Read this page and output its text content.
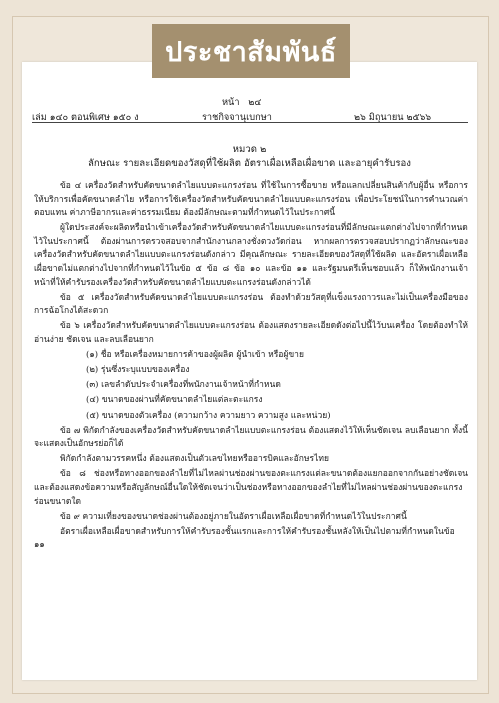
ประชาสัมพันธ์
หน้า ๒๔
เล่ม ๑๔๐ ตอนพิเศษ ๑๕๐ ง	ราชกิจจานุเบกษา	๒๖ มิถุนายน ๒๕๖๖
หมวด ๒
ลักษณะ รายละเอียดของวัสดุที่ใช้ผลิต อัตราเผื่อเหลือเผื่อขาด และอายุคำรับรอง

ข้อ ๔ เครื่องวัดสำหรับคัดขนาดลำไยแบบตะแกรงร่อน ที่ใช้ในการซื้อขาย หรือแลกเปลี่ยนสินค้ากับผู้อื่น หรือการให้บริการเพื่อคัดขนาดลำไย หรือการใช้เครื่องวัดสำหรับคัดขนาดลำไยแบบตะแกรงร่อน เพื่อประโยชน์ในการคำนวณค่าตอบแทน ค่าภาษีอากรและค่าธรรมเนียม ต้องมีลักษณะตามที่กำหนดไว้ในประกาศนี้

ผู้ใดประสงค์จะผลิตหรือนำเข้าเครื่องวัดสำหรับคัดขนาดลำไยแบบตะแกรงร่อนที่มีลักษณะแตกต่างไปจากที่กำหนดไว้ในประกาศนี้ ต้องผ่านการตรวจสอบจากสำนักงานกลางชั่งตวงวัดก่อน หากผลการตรวจสอบปรากฏว่าลักษณะของเครื่องวัดสำหรับคัดขนาดลำไยแบบตะแกรงร่อนดังกล่าว มีคุณลักษณะ รายละเอียดของวัสดุที่ใช้ผลิต และอัตราเผื่อเหลือเผื่อขาดไม่แตกต่างไปจากที่กำหนดไว้ในข้อ ๕ ข้อ ๘ ข้อ ๑๐ และข้อ ๑๑ และรัฐมนตรีเห็นชอบแล้ว ก็ให้พนักงานเจ้าหน้าที่ให้คำรับรองเครื่องวัดสำหรับคัดขนาดลำไยแบบตะแกรงร่อนดังกล่าวได้

ข้อ ๕ เครื่องวัดสำหรับคัดขนาดลำไยแบบตะแกรงร่อน ต้องทำด้วยวัสดุที่แข็งแรงถาวรและไม่เป็นเครื่องมือของการฉ้อโกงได้สะดวก

ข้อ ๖ เครื่องวัดสำหรับคัดขนาดลำไยแบบตะแกรงร่อน ต้องแสดงรายละเอียดดังต่อไปนี้ไว้บนเครื่อง โดยต้องทำให้อ่านง่าย ชัดเจน และลบเลือนยาก

(๑) ชื่อ หรือเครื่องหมายการค้าของผู้ผลิต ผู้นำเข้า หรือผู้ขาย

(๒) รุ่นซึ่งระบุแบบของเครื่อง

(๓) เลขลำดับประจำเครื่องที่พนักงานเจ้าหน้าที่กำหนด

(๔) ขนาดของผ่านที่คัดขนาดลำไยแต่ละตะแกรง

(๕) ขนาดของตัวเครื่อง (ความกว้าง ความยาว ความสูง และหน่วย)

ข้อ ๗ พิกัดกำลังของเครื่องวัดสำหรับคัดขนาดลำไยแบบตะแกรงร่อน ต้องแสดงไว้ให้เห็นชัดเจน ลบเลือนยาก ทั้งนี้ จะแสดงเป็นอักษรย่อก็ได้

พิกัดกำลังตามวรรคหนึ่ง ต้องแสดงเป็นตัวเลขไทยหรืออารบิคและอักษรไทย

ข้อ ๘ ช่องหรือทางออกของลำไยที่ไม่ไหลผ่านช่องผ่านของตะแกรงแต่ละขนาดต้องแยกออกจากกันอย่างชัดเจนและต้องแสดงข้อความหรือสัญลักษณ์อื่นใดให้ชัดเจนว่าเป็นช่องหรือทางออกของลำไยที่ไม่ไหลผ่านช่องผ่านของตะแกรงร่อนขนาดใด

ข้อ ๙ ความเที่ยงของขนาดช่องผ่านต้องอยู่ภายในอัตราเผื่อเหลือเผื่อขาดที่กำหนดไว้ในประกาศนี้

อัตราเผื่อเหลือเผื่อขาดสำหรับการให้คำรับรองชั้นแรกและการให้คำรับรองชั้นหลังให้เป็นไปตามที่กำหนดในข้อ ๑๑
